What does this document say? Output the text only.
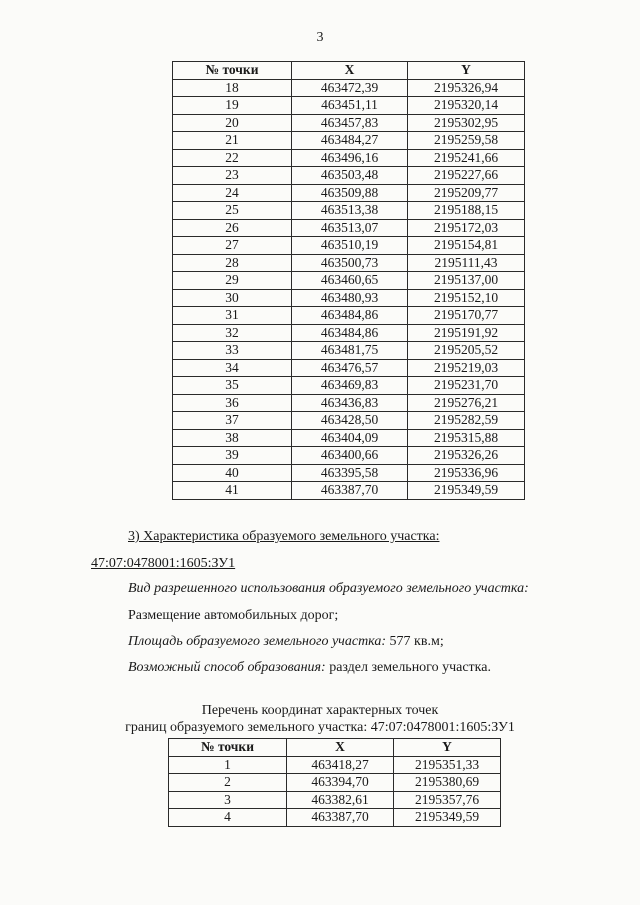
3
№ точки	X	Y
18	463472,39	2195326,94
19	463451,11	2195320,14
20	463457,83	2195302,95
21	463484,27	2195259,58
22	463496,16	2195241,66
23	463503,48	2195227,66
24	463509,88	2195209,77
25	463513,38	2195188,15
26	463513,07	2195172,03
27	463510,19	2195154,81
28	463500,73	2195111,43
29	463460,65	2195137,00
30	463480,93	2195152,10
31	463484,86	2195170,77
32	463484,86	2195191,92
33	463481,75	2195205,52
34	463476,57	2195219,03
35	463469,83	2195231,70
36	463436,83	2195276,21
37	463428,50	2195282,59
38	463404,09	2195315,88
39	463400,66	2195326,26
40	463395,58	2195336,96
41	463387,70	2195349,59
3) Характеристика образуемого земельного участка:
47:07:0478001:1605:ЗУ1
Вид разрешенного использования образуемого земельного участка:
Размещение автомобильных дорог;
Площадь образуемого земельного участка: 577 кв.м;
Возможный способ образования: раздел земельного участка.
Перечень координат характерных точек
границ образуемого земельного участка: 47:07:0478001:1605:ЗУ1
№ точки	X	Y
1	463418,27	2195351,33
2	463394,70	2195380,69
3	463382,61	2195357,76
4	463387,70	2195349,59
